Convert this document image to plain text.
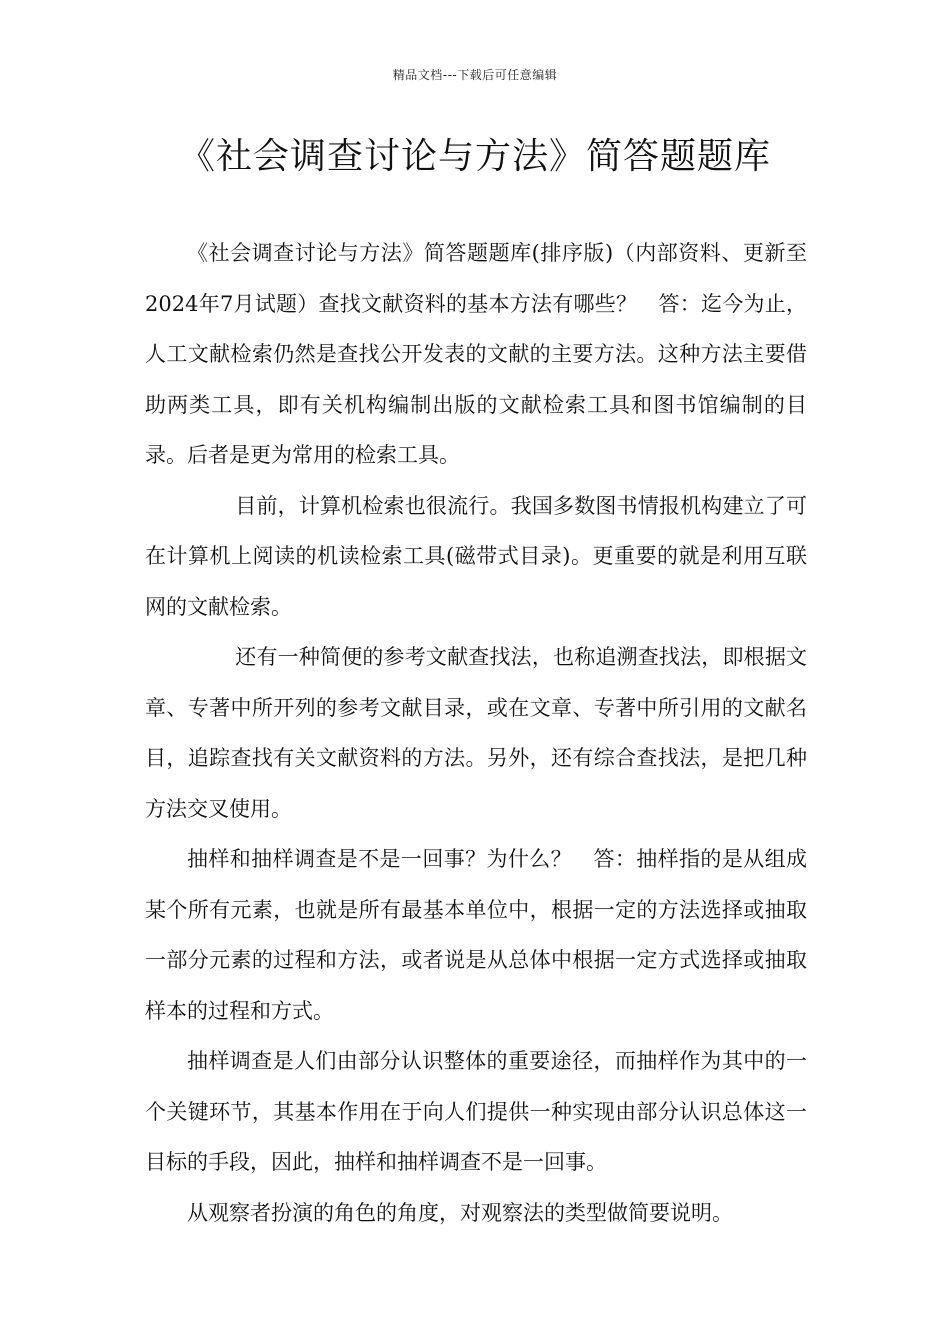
精品文档---下载后可任意编辑
《社会调查讨论与方法》简答题题库

《社会调查讨论与方法》简答题题库(排序版)（内部资料、更新至2024年7月试题）查找文献资料的基本方法有哪些？　答：迄今为止，人工文献检索仍然是查找公开发表的文献的主要方法。这种方法主要借助两类工具，即有关机构编制出版的文献检索工具和图书馆编制的目录。后者是更为常用的检索工具。

目前，计算机检索也很流行。我国多数图书情报机构建立了可在计算机上阅读的机读检索工具(磁带式目录)。更重要的就是利用互联网的文献检索。

还有一种简便的参考文献查找法，也称追溯查找法，即根据文章、专著中所开列的参考文献目录，或在文章、专著中所引用的文献名目，追踪查找有关文献资料的方法。另外，还有综合查找法，是把几种方法交叉使用。

抽样和抽样调查是不是一回事？为什么？　答：抽样指的是从组成某个所有元素，也就是所有最基本单位中，根据一定的方法选择或抽取一部分元素的过程和方法，或者说是从总体中根据一定方式选择或抽取样本的过程和方式。

抽样调查是人们由部分认识整体的重要途径，而抽样作为其中的一个关键环节，其基本作用在于向人们提供一种实现由部分认识总体这一目标的手段，因此，抽样和抽样调查不是一回事。

从观察者扮演的角色的角度，对观察法的类型做简要说明。
